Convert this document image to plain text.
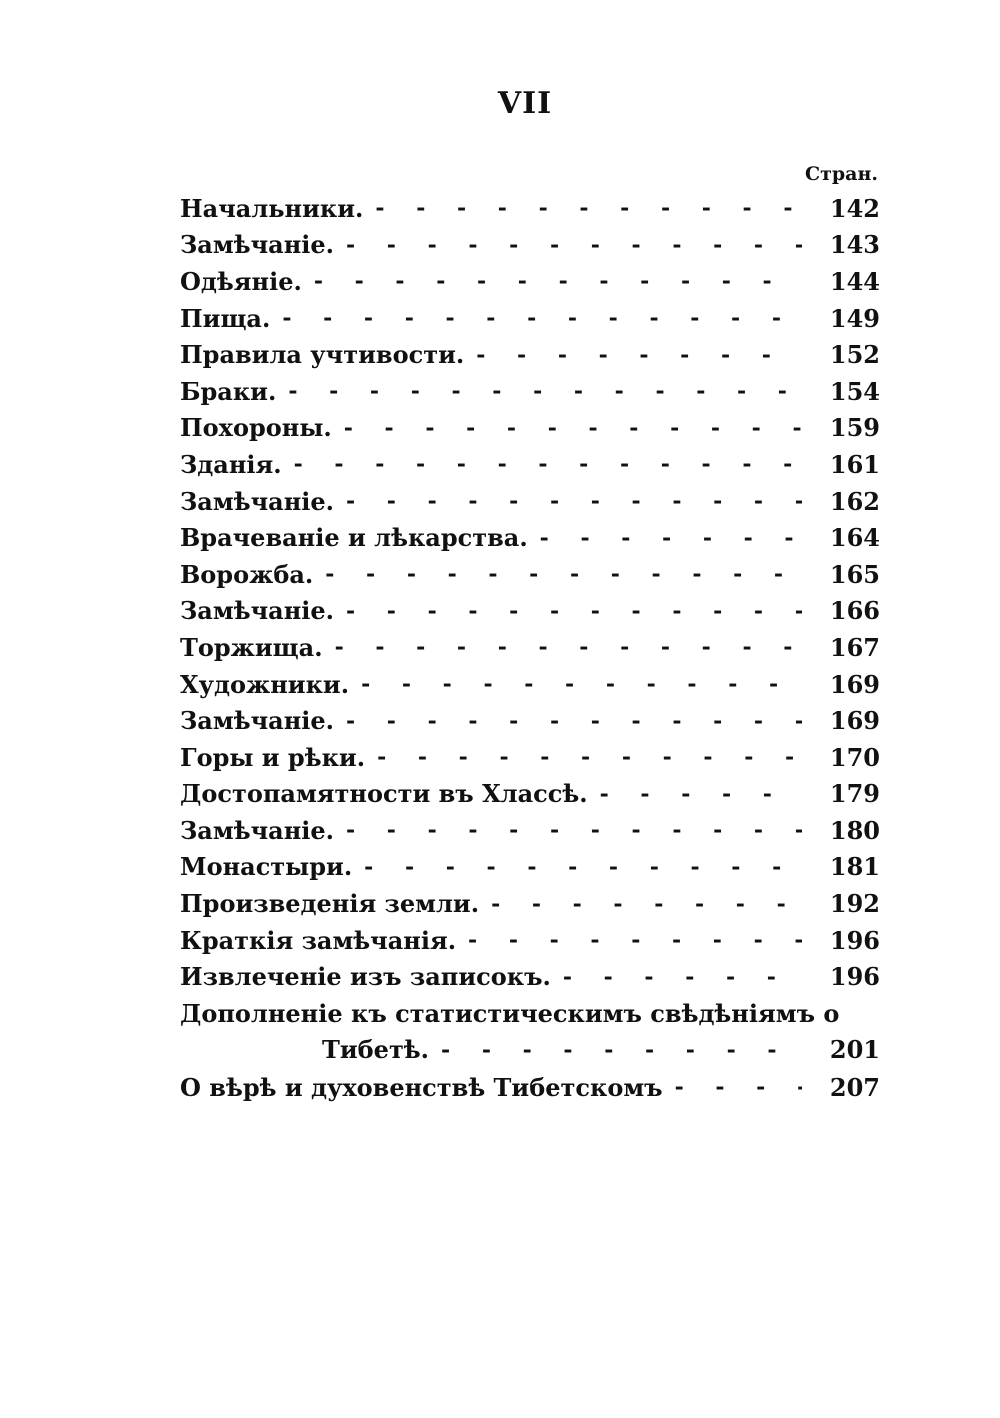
VII
Стран.
Начальники. - - -	142
Замѣчаніе. - - -	143
Одѣяніе. - - -	144
Пища. - - -	149
Правила учтивости. - - -	152
Браки. - - -	154
Похороны. - - -	159
Зданія. - - -	161
Замѣчаніе. - - -	162
Врачеваніе и лѣкарства. - - -	164
Ворожба. - - -	165
Замѣчаніе. - - -	166
Торжища. - - -	167
Художники. - - -	169
Замѣчаніе. - - -	169
Горы и рѣки. - - -	170
Достопамятности въ Хлассѣ. - - -	179
Замѣчаніе. - - -	180
Монастыри. - - -	181
Произведенія земли. - - -	192
Краткія замѣчанія. - - -	196
Извлеченіе изъ записокъ. - - -	196
Дополненіе къ статистическимъ свѣдѣніямъ о
Тибетѣ. - - -	201
О вѣрѣ и духовенствѣ Тибетскомъ - - -	207
